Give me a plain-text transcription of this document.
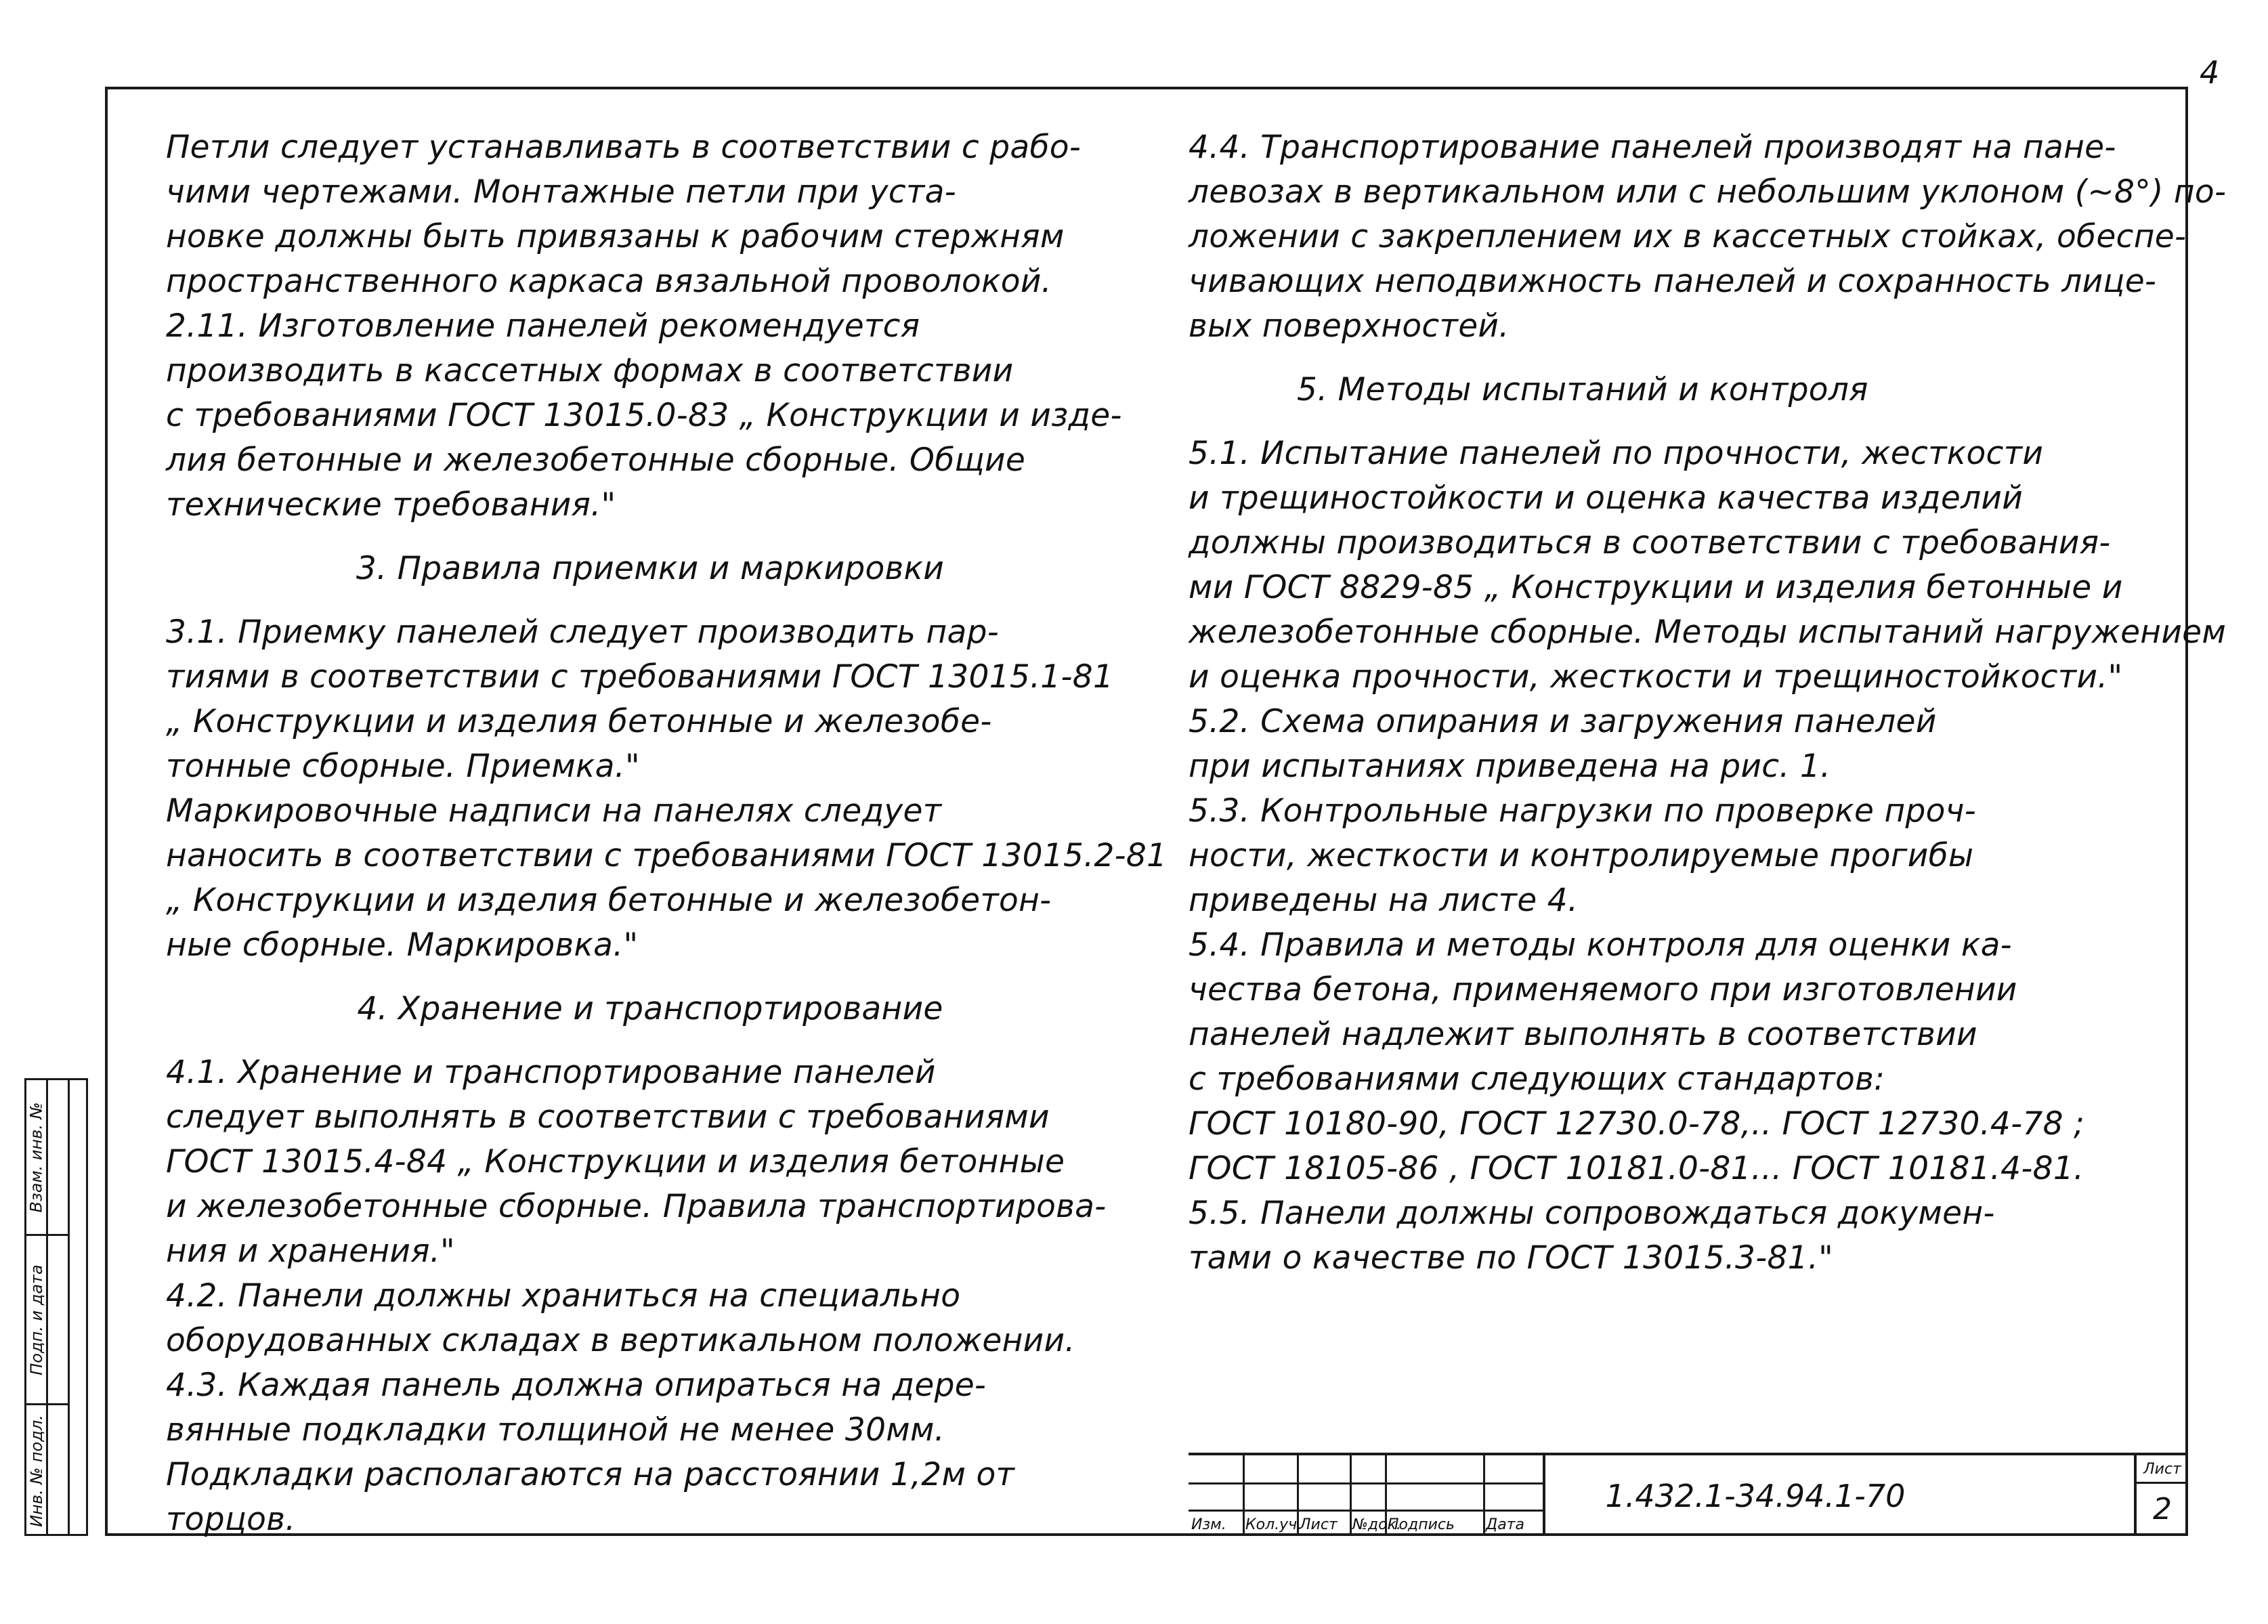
4

Петли следует устанавливать в соответствии с рабо-

чими чертежами. Монтажные петли при уста-

новке должны быть привязаны к рабочим стержням

пространственного каркаса вязальной проволокой.

2.11. Изготовление панелей рекомендуется

производить в кассетных формах в соответствии

с требованиями ГОСТ 13015.0-83 „ Конструкции и изде-

лия бетонные и железобетонные сборные. Общие

технические требования."

3. Правила приемки и маркировки

3.1. Приемку панелей следует производить пар-

тиями в соответствии с требованиями ГОСТ 13015.1-81

„ Конструкции и изделия бетонные и железобе-

тонные сборные. Приемка."

Маркировочные надписи на панелях следует

наносить в соответствии с требованиями ГОСТ 13015.2-81

„ Конструкции и изделия бетонные и железобетон-

ные сборные. Маркировка."

4. Хранение и транспортирование

4.1. Хранение и транспортирование панелей

следует выполнять в соответствии с требованиями

ГОСТ 13015.4-84 „ Конструкции и изделия бетонные

и железобетонные сборные. Правила транспортирова-

ния и хранения."

4.2. Панели должны храниться на специально

оборудованных складах в вертикальном положении.

4.3. Каждая панель должна опираться на дере-

вянные подкладки толщиной не менее 30мм.

Подкладки располагаются на расстоянии 1,2м от

торцов.

4.4. Транспортирование панелей производят на пане-

левозах в вертикальном или с небольшим уклоном (~8°) по-

ложении с закреплением их в кассетных стойках, обеспе-

чивающих неподвижность панелей и сохранность лице-

вых поверхностей.

5. Методы испытаний и контроля

5.1. Испытание панелей по прочности, жесткости

и трещиностойкости и оценка качества изделий

должны производиться в соответствии с требования-

ми ГОСТ 8829-85 „ Конструкции и изделия бетонные и

железобетонные сборные. Методы испытаний нагружением

и оценка прочности, жесткости и трещиностойкости."

5.2. Схема опирания и загружения панелей

при испытаниях приведена на рис. 1.

5.3. Контрольные нагрузки по проверке проч-

ности, жесткости и контролируемые прогибы

приведены на листе 4.

5.4. Правила и методы контроля для оценки ка-

чества бетона, применяемого при изготовлении

панелей надлежит выполнять в соответствии

с требованиями следующих стандартов:

ГОСТ 10180-90, ГОСТ 12730.0-78,.. ГОСТ 12730.4-78 ;

ГОСТ 18105-86 , ГОСТ 10181.0-81... ГОСТ 10181.4-81.

5.5. Панели должны сопровождаться докумен-

тами о качестве по ГОСТ 13015.3-81."

Взам. инв. №
Подп. и дата
Инв. № подл.	Изм.	Кол.уч.
Лист	№док.
Подпись	Дата
1.432.1-34.94.1-70
Лист
2
